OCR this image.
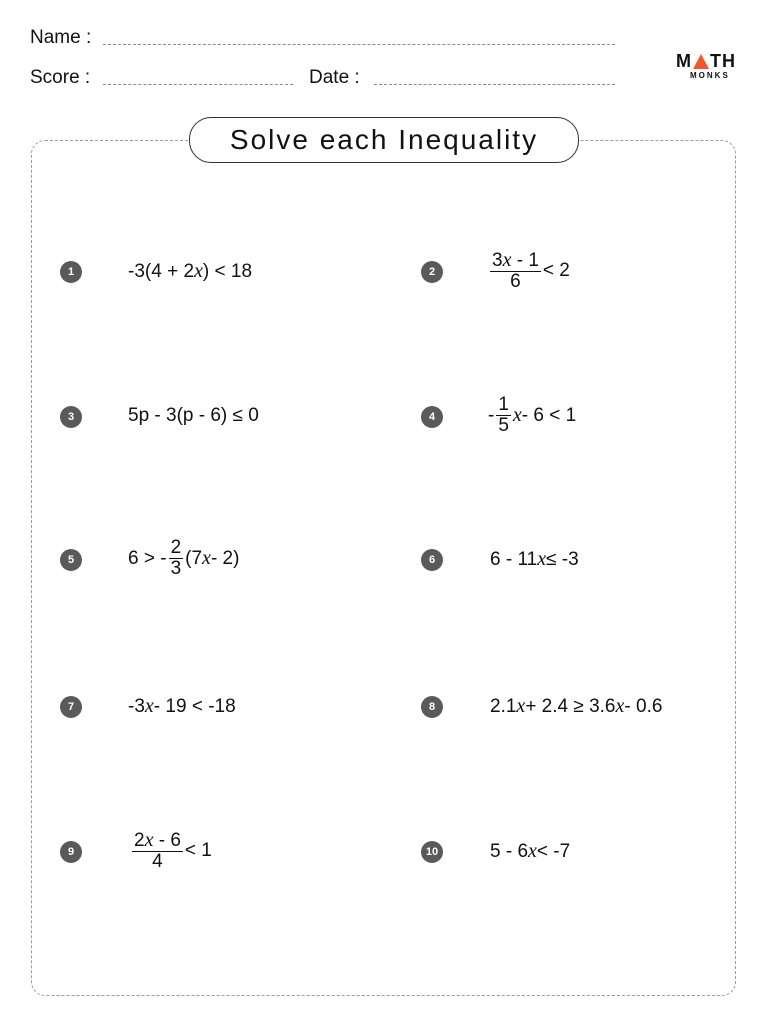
Name :
Score :	Date :
M TH
MONKS
Solve each Inequality
1	-3(4 + 2 x ) < 18	2	$\frac{3x - 1}{6} < 2$
3	5p - 3(p - 6) ≤ 0	4	- $\frac{1}{5}$ x - 6 < 1
5	6 > - $\frac{2}{3} (7$ x - 2)	6	6 - 11 x ≤ -3
7	-3 x - 19 < -18	8	2.1 x + 2.4 ≥ 3.6 x - 0.6
9	$\frac{2x - 6}{4} < 1$	10	5 - 6 x < -7
